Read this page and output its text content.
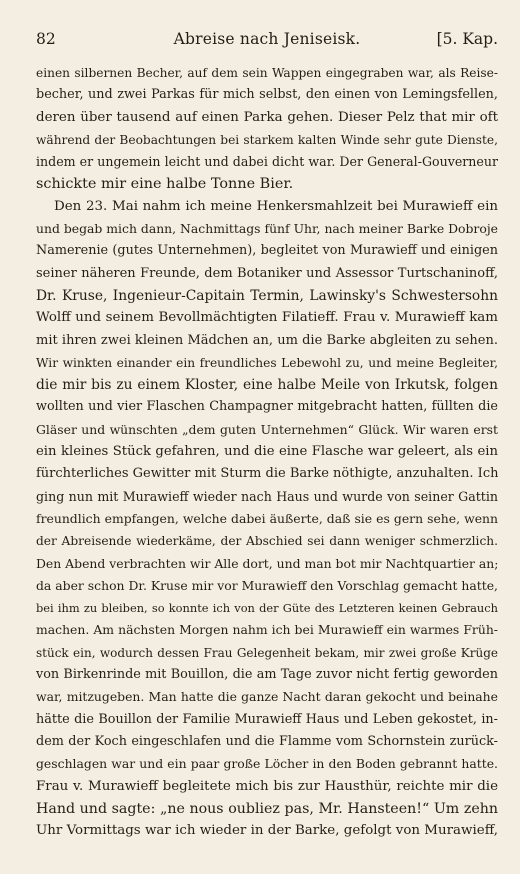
82	Abreise nach Jeniseisk.	[5. Kap.
einen silbernen Becher, auf dem sein Wappen eingegraben war, als Reise-
becher, und zwei Parkas für mich selbst, den einen von Lemingsfellen,
deren über tausend auf einen Parka gehen. Dieser Pelz that mir oft
während der Beobachtungen bei starkem kalten Winde sehr gute Dienste,
indem er ungemein leicht und dabei dicht war. Der General-Gouverneur
schickte mir eine halbe Tonne Bier.
Den 23. Mai nahm ich meine Henkersmahlzeit bei Murawieff ein
und begab mich dann, Nachmittags fünf Uhr, nach meiner Barke Dobroje
Namerenie (gutes Unternehmen), begleitet von Murawieff und einigen
seiner näheren Freunde, dem Botaniker und Assessor Turtschaninoff,
Dr. Kruse, Ingenieur-Capitain Termin, Lawinsky's Schwestersohn
Wolff und seinem Bevollmächtigten Filatieff. Frau v. Murawieff kam
mit ihren zwei kleinen Mädchen an, um die Barke abgleiten zu sehen.
Wir winkten einander ein freundliches Lebewohl zu, und meine Begleiter,
die mir bis zu einem Kloster, eine halbe Meile von Irkutsk, folgen
wollten und vier Flaschen Champagner mitgebracht hatten, füllten die
Gläser und wünschten „dem guten Unternehmen“ Glück. Wir waren erst
ein kleines Stück gefahren, und die eine Flasche war geleert, als ein
fürchterliches Gewitter mit Sturm die Barke nöthigte, anzuhalten. Ich
ging nun mit Murawieff wieder nach Haus und wurde von seiner Gattin
freundlich empfangen, welche dabei äußerte, daß sie es gern sehe, wenn
der Abreisende wiederkäme, der Abschied sei dann weniger schmerzlich.
Den Abend verbrachten wir Alle dort, und man bot mir Nachtquartier an;
da aber schon Dr. Kruse mir vor Murawieff den Vorschlag gemacht hatte,
bei ihm zu bleiben, so konnte ich von der Güte des Letzteren keinen Gebrauch
machen. Am nächsten Morgen nahm ich bei Murawieff ein warmes Früh-
stück ein, wodurch dessen Frau Gelegenheit bekam, mir zwei große Krüge
von Birkenrinde mit Bouillon, die am Tage zuvor nicht fertig geworden
war, mitzugeben. Man hatte die ganze Nacht daran gekocht und beinahe
hätte die Bouillon der Familie Murawieff Haus und Leben gekostet, in-
dem der Koch eingeschlafen und die Flamme vom Schornstein zurück-
geschlagen war und ein paar große Löcher in den Boden gebrannt hatte.
Frau v. Murawieff begleitete mich bis zur Hausthür, reichte mir die
Hand und sagte: „ne nous oubliez pas, Mr. Hansteen!“ Um zehn
Uhr Vormittags war ich wieder in der Barke, gefolgt von Murawieff,
